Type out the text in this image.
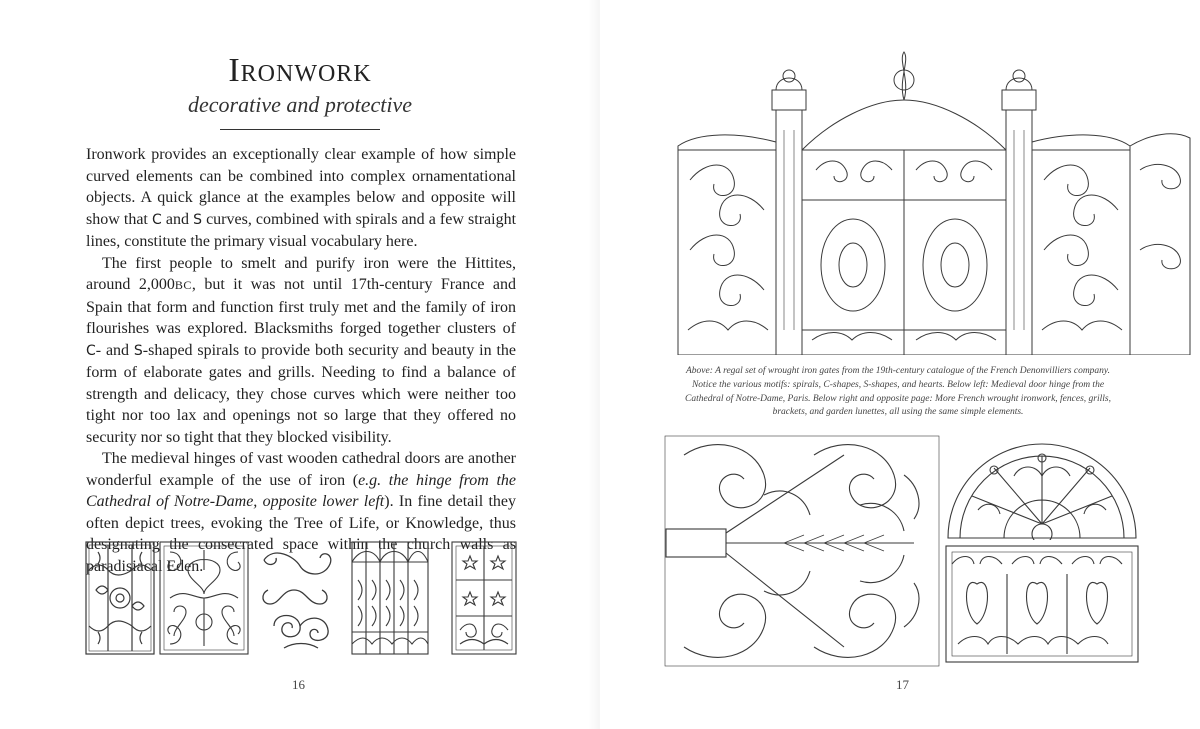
Ironwork
decorative and protective

Ironwork provides an exceptionally clear example of how simple curved elements can be combined into complex ornamentational objects. A quick glance at the examples below and opposite will show that C and S curves, combined with spirals and a few straight lines, constitute the primary visual vocabulary here.

The first people to smelt and purify iron were the Hittites, around 2,000BC, but it was not until 17th-century France and Spain that form and function first truly met and the family of iron flourishes was explored. Blacksmiths forged together clusters of C- and S-shaped spirals to provide both security and beauty in the form of elaborate gates and grills. Needing to find a balance of strength and delicacy, they chose curves which were neither too tight nor too lax and openings not so large that they offered no security nor so tight that they blocked visibility.

The medieval hinges of vast wooden cathedral doors are another wonderful example of the use of iron (e.g. the hinge from the Cathedral of Notre-Dame, opposite lower left). In fine detail they often depict trees, evoking the Tree of Life, or Knowledge, thus designating the consecrated space within the church walls as paradisiacal Eden.

16
Above: A regal set of wrought iron gates from the 19th-century catalogue of the French Denonvilliers company. Notice the various motifs: spirals, C-shapes, S-shapes, and hearts. Below left: Medieval door hinge from the Cathedral of Notre-Dame, Paris. Below right and opposite page: More French wrought ironwork, fences, grills, brackets, and garden lunettes, all using the same simple elements.
17
